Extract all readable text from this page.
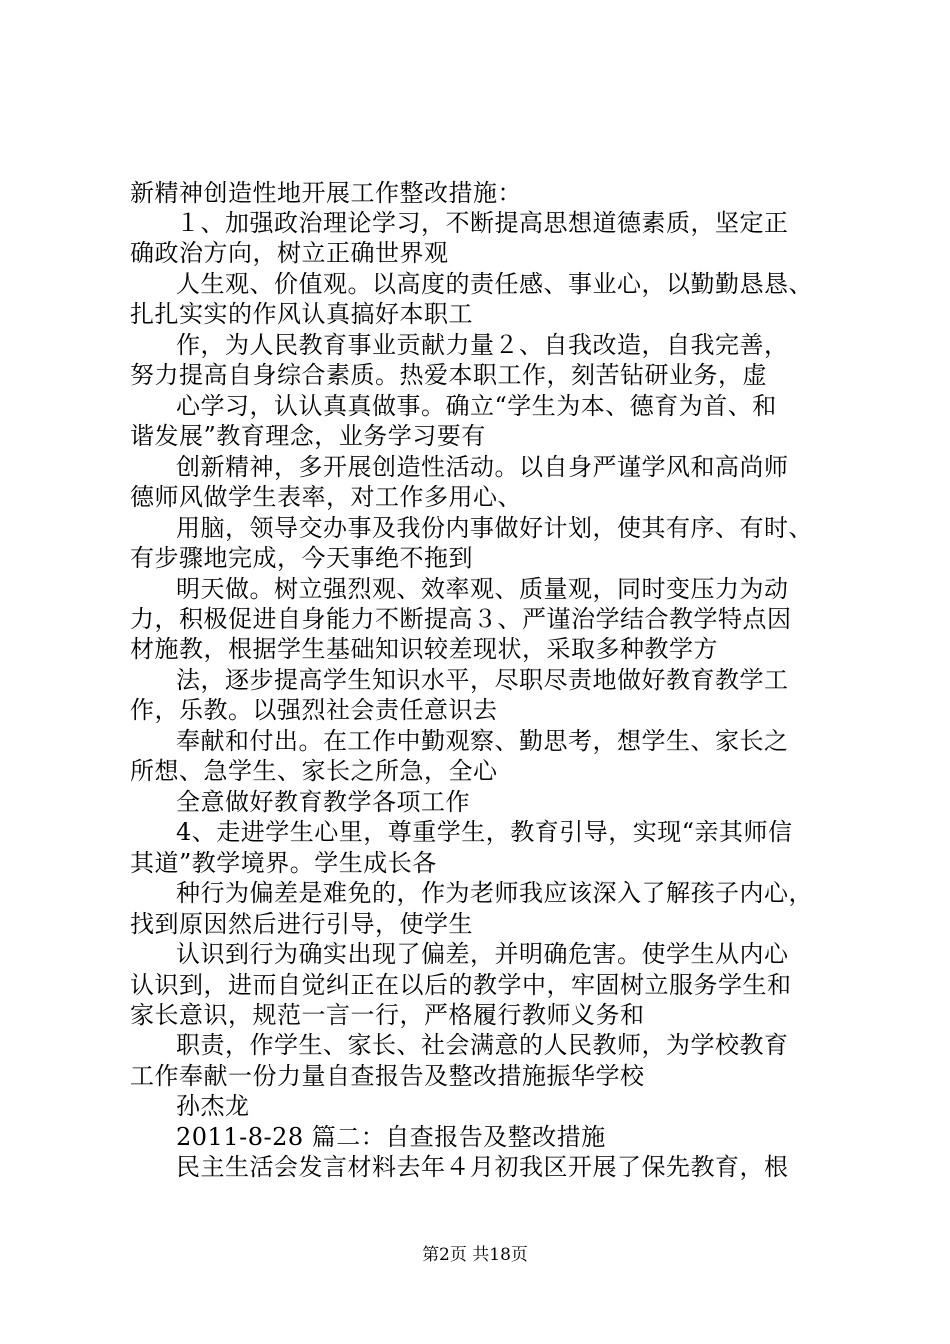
新精神创造性地开展工作整改措施：
１、加强政治理论学习，不断提高思想道德素质，坚定正
确政治方向，树立正确世界观
人生观、价值观。以高度的责任感、事业心，以勤勤恳恳、
扎扎实实的作风认真搞好本职工
作，为人民教育事业贡献力量２、自我改造，自我完善，
努力提高自身综合素质。热爱本职工作，刻苦钻研业务，虚
心学习，认认真真做事。确立“学生为本、德育为首、和
谐发展”教育理念，业务学习要有
创新精神，多开展创造性活动。以自身严谨学风和高尚师
德师风做学生表率，对工作多用心、
用脑，领导交办事及我份内事做好计划，使其有序、有时、
有步骤地完成，今天事绝不拖到
明天做。树立强烈观、效率观、质量观，同时变压力为动
力，积极促进自身能力不断提高３、严谨治学结合教学特点因
材施教，根据学生基础知识较差现状，采取多种教学方
法，逐步提高学生知识水平，尽职尽责地做好教育教学工
作，乐教。以强烈社会责任意识去
奉献和付出。在工作中勤观察、勤思考，想学生、家长之
所想、急学生、家长之所急，全心
全意做好教育教学各项工作
4、走进学生心里，尊重学生，教育引导，实现“亲其师信
其道”教学境界。学生成长各
种行为偏差是难免的，作为老师我应该深入了解孩子内心，
找到原因然后进行引导，使学生
认识到行为确实出现了偏差，并明确危害。使学生从内心
认识到，进而自觉纠正在以后的教学中，牢固树立服务学生和
家长意识，规范一言一行，严格履行教师义务和
职责，作学生、家长、社会满意的人民教师，为学校教育
工作奉献一份力量自查报告及整改措施振华学校
孙杰龙
2011-8-28 篇二：自查报告及整改措施
民主生活会发言材料去年４月初我区开展了保先教育，根
第2页 共18页
